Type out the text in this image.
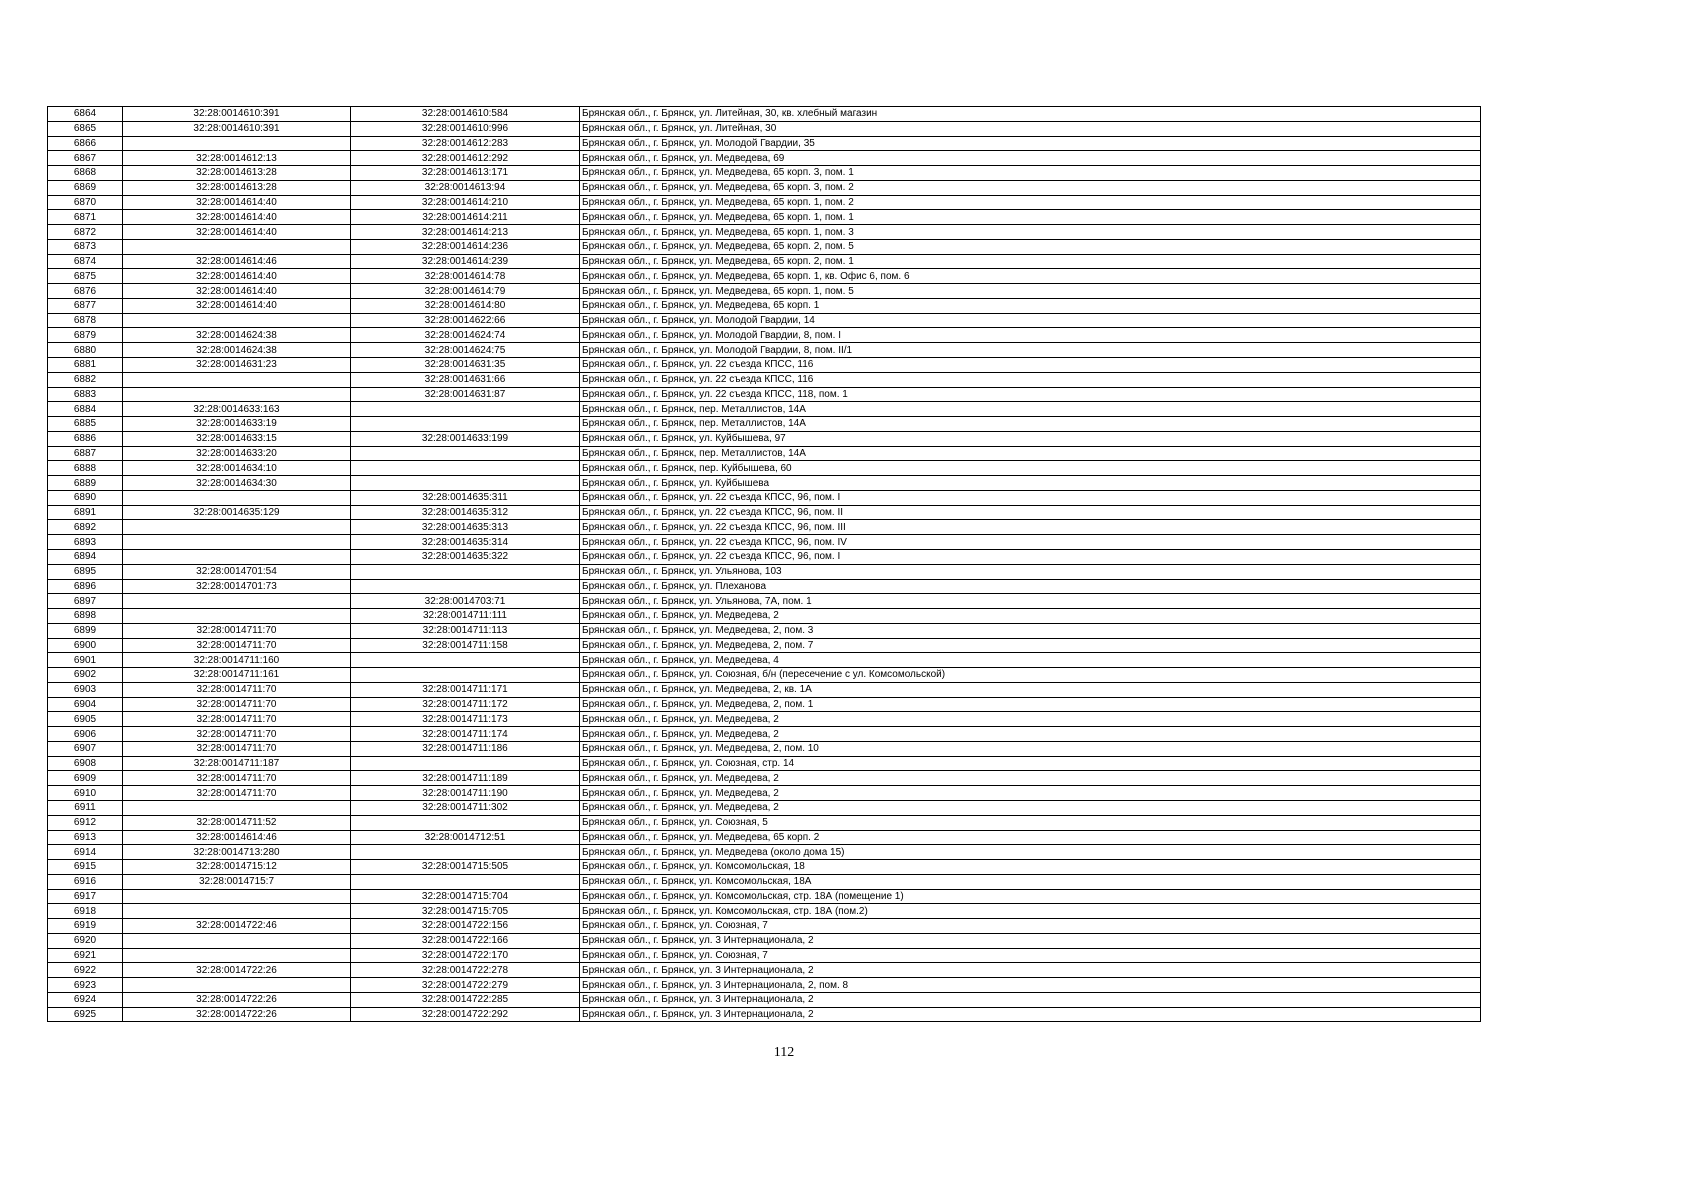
6864	32:28:0014610:391	32:28:0014610:584	Брянская обл., г. Брянск, ул. Литейная, 30, кв. хлебный магазин
6865	32:28:0014610:391	32:28:0014610:996	Брянская обл., г. Брянск, ул. Литейная, 30
6866		32:28:0014612:283	Брянская обл., г. Брянск, ул. Молодой Гвардии, 35
6867	32:28:0014612:13	32:28:0014612:292	Брянская обл., г. Брянск, ул. Медведева, 69
6868	32:28:0014613:28	32:28:0014613:171	Брянская обл., г. Брянск, ул. Медведева, 65 корп. 3, пом. 1
6869	32:28:0014613:28	32:28:0014613:94	Брянская обл., г. Брянск, ул. Медведева, 65 корп. 3, пом. 2
6870	32:28:0014614:40	32:28:0014614:210	Брянская обл., г. Брянск, ул. Медведева, 65 корп. 1, пом. 2
6871	32:28:0014614:40	32:28:0014614:211	Брянская обл., г. Брянск, ул. Медведева, 65 корп. 1, пом. 1
6872	32:28:0014614:40	32:28:0014614:213	Брянская обл., г. Брянск, ул. Медведева, 65 корп. 1, пом. 3
6873		32:28:0014614:236	Брянская обл., г. Брянск, ул. Медведева, 65 корп. 2, пом. 5
6874	32:28:0014614:46	32:28:0014614:239	Брянская обл., г. Брянск, ул. Медведева, 65 корп. 2, пом. 1
6875	32:28:0014614:40	32:28:0014614:78	Брянская обл., г. Брянск, ул. Медведева, 65 корп. 1, кв. Офис 6, пом. 6
6876	32:28:0014614:40	32:28:0014614:79	Брянская обл., г. Брянск, ул. Медведева, 65 корп. 1, пом. 5
6877	32:28:0014614:40	32:28:0014614:80	Брянская обл., г. Брянск, ул. Медведева, 65 корп. 1
6878		32:28:0014622:66	Брянская обл., г. Брянск, ул. Молодой Гвардии, 14
6879	32:28:0014624:38	32:28:0014624:74	Брянская обл., г. Брянск, ул. Молодой Гвардии, 8, пом. I
6880	32:28:0014624:38	32:28:0014624:75	Брянская обл., г. Брянск, ул. Молодой Гвардии, 8, пом. II/1
6881	32:28:0014631:23	32:28:0014631:35	Брянская обл., г. Брянск, ул. 22 съезда КПСС, 116
6882		32:28:0014631:66	Брянская обл., г. Брянск, ул. 22 съезда КПСС, 116
6883		32:28:0014631:87	Брянская обл., г. Брянск, ул. 22 съезда КПСС, 118, пом. 1
6884	32:28:0014633:163		Брянская обл., г. Брянск, пер. Металлистов, 14А
6885	32:28:0014633:19		Брянская обл., г. Брянск, пер. Металлистов, 14А
6886	32:28:0014633:15	32:28:0014633:199	Брянская обл., г. Брянск, ул. Куйбышева, 97
6887	32:28:0014633:20		Брянская обл., г. Брянск, пер. Металлистов, 14А
6888	32:28:0014634:10		Брянская обл., г. Брянск, пер. Куйбышева, 60
6889	32:28:0014634:30		Брянская обл., г. Брянск, ул. Куйбышева
6890		32:28:0014635:311	Брянская обл., г. Брянск, ул. 22 съезда КПСС, 96, пом. I
6891	32:28:0014635:129	32:28:0014635:312	Брянская обл., г. Брянск, ул. 22 съезда КПСС, 96, пом. II
6892		32:28:0014635:313	Брянская обл., г. Брянск, ул. 22 съезда КПСС, 96, пом. III
6893		32:28:0014635:314	Брянская обл., г. Брянск, ул. 22 съезда КПСС, 96, пом. IV
6894		32:28:0014635:322	Брянская обл., г. Брянск, ул. 22 съезда КПСС, 96, пом. I
6895	32:28:0014701:54		Брянская обл., г. Брянск, ул. Ульянова, 103
6896	32:28:0014701:73		Брянская обл., г. Брянск, ул. Плеханова
6897		32:28:0014703:71	Брянская обл., г. Брянск, ул. Ульянова, 7А, пом. 1
6898		32:28:0014711:111	Брянская обл., г. Брянск, ул. Медведева, 2
6899	32:28:0014711:70	32:28:0014711:113	Брянская обл., г. Брянск, ул. Медведева, 2, пом. 3
6900	32:28:0014711:70	32:28:0014711:158	Брянская обл., г. Брянск, ул. Медведева, 2, пом. 7
6901	32:28:0014711:160		Брянская обл., г. Брянск, ул. Медведева, 4
6902	32:28:0014711:161		Брянская обл., г. Брянск, ул. Союзная, б/н (пересечение с ул. Комсомольской)
6903	32:28:0014711:70	32:28:0014711:171	Брянская обл., г. Брянск, ул. Медведева, 2, кв. 1А
6904	32:28:0014711:70	32:28:0014711:172	Брянская обл., г. Брянск, ул. Медведева, 2, пом. 1
6905	32:28:0014711:70	32:28:0014711:173	Брянская обл., г. Брянск, ул. Медведева, 2
6906	32:28:0014711:70	32:28:0014711:174	Брянская обл., г. Брянск, ул. Медведева, 2
6907	32:28:0014711:70	32:28:0014711:186	Брянская обл., г. Брянск, ул. Медведева, 2, пом. 10
6908	32:28:0014711:187		Брянская обл., г. Брянск, ул. Союзная, стр. 14
6909	32:28:0014711:70	32:28:0014711:189	Брянская обл., г. Брянск, ул. Медведева, 2
6910	32:28:0014711:70	32:28:0014711:190	Брянская обл., г. Брянск, ул. Медведева, 2
6911		32:28:0014711:302	Брянская обл., г. Брянск, ул. Медведева, 2
6912	32:28:0014711:52		Брянская обл., г. Брянск, ул. Союзная, 5
6913	32:28:0014614:46	32:28:0014712:51	Брянская обл., г. Брянск, ул. Медведева, 65 корп. 2
6914	32:28:0014713:280		Брянская обл., г. Брянск, ул. Медведева (около дома 15)
6915	32:28:0014715:12	32:28:0014715:505	Брянская обл., г. Брянск, ул. Комсомольская, 18
6916	32:28:0014715:7		Брянская обл., г. Брянск, ул. Комсомольская, 18А
6917		32:28:0014715:704	Брянская обл., г. Брянск, ул. Комсомольская, стр. 18А (помещение 1)
6918		32:28:0014715:705	Брянская обл., г. Брянск, ул. Комсомольская, стр. 18А (пом.2)
6919	32:28:0014722:46	32:28:0014722:156	Брянская обл., г. Брянск, ул. Союзная, 7
6920		32:28:0014722:166	Брянская обл., г. Брянск, ул. 3 Интернационала, 2
6921		32:28:0014722:170	Брянская обл., г. Брянск, ул. Союзная, 7
6922	32:28:0014722:26	32:28:0014722:278	Брянская обл., г. Брянск, ул. 3 Интернационала, 2
6923		32:28:0014722:279	Брянская обл., г. Брянск, ул. 3 Интернационала, 2, пом. 8
6924	32:28:0014722:26	32:28:0014722:285	Брянская обл., г. Брянск, ул. 3 Интернационала, 2
6925	32:28:0014722:26	32:28:0014722:292	Брянская обл., г. Брянск, ул. 3 Интернационала, 2
112
